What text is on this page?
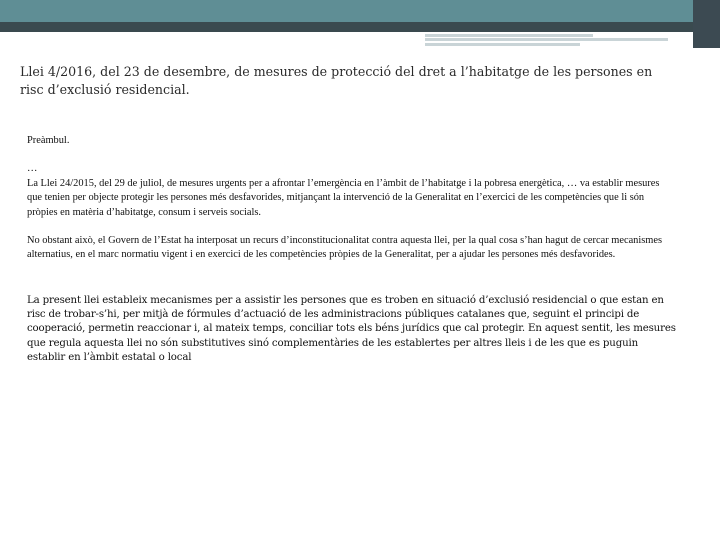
Llei 4/2016, del 23 de desembre, de mesures de protecció del dret a l’habitatge de les persones en risc d’exclusió residencial.

Preàmbul.

…

La Llei 24/2015, del 29 de juliol, de mesures urgents per a afrontar l’emergència en l’àmbit de l’habitatge i la pobresa energètica, … va establir mesures que tenien per objecte protegir les persones més desfavorides, mitjançant la intervenció de la Generalitat en l’exercici de les competències que li són pròpies en matèria d’habitatge, consum i serveis socials.

No obstant això, el Govern de l’Estat ha interposat un recurs d’inconstitucionalitat contra aquesta llei, per la qual cosa s’han hagut de cercar mecanismes alternatius, en el marc normatiu vigent i en exercici de les competències pròpies de la Generalitat, per a ajudar les persones més desfavorides.

La present llei estableix mecanismes per a assistir les persones que es troben en situació d’exclusió residencial o que estan en risc de trobar-s’hi, per mitjà de fórmules d’actuació de les administracions públiques catalanes que, seguint el principi de cooperació, permetin reaccionar i, al mateix temps, conciliar tots els béns jurídics que cal protegir. En aquest sentit, les mesures que regula aquesta llei no són substitutives sinó complementàries de les establertes per altres lleis i de les que es puguin establir en l’àmbit estatal o local
